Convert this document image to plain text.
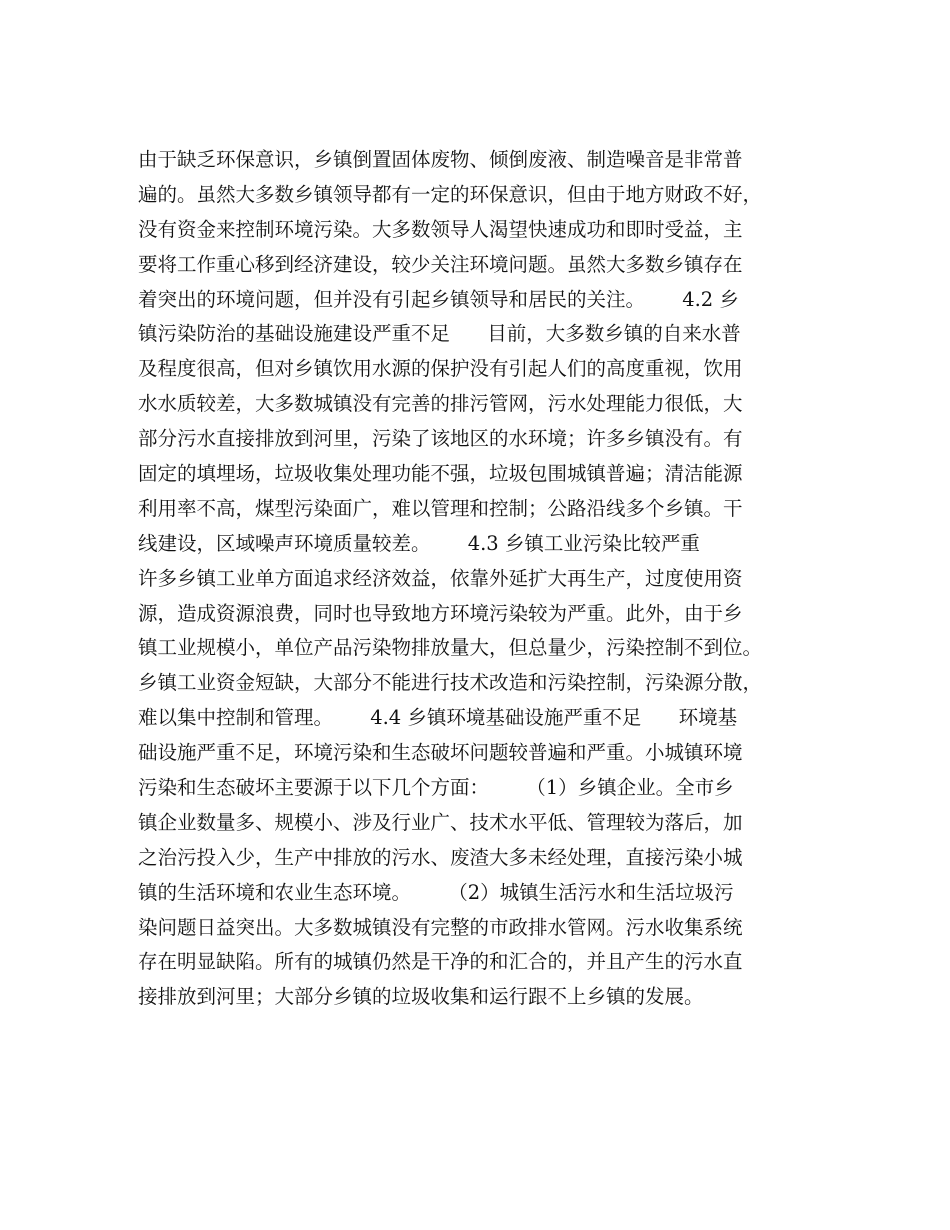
由于缺乏环保意识，乡镇倒置固体废物、倾倒废液、制造噪音是非常普
遍的。虽然大多数乡镇领导都有一定的环保意识，但由于地方财政不好，
没有资金来控制环境污染。大多数领导人渴望快速成功和即时受益，主
要将工作重心移到经济建设，较少关注环境问题。虽然大多数乡镇存在
着突出的环境问题，但并没有引起乡镇领导和居民的关注。      4.2 乡
镇污染防治的基础设施建设严重不足      目前，大多数乡镇的自来水普
及程度很高，但对乡镇饮用水源的保护没有引起人们的高度重视，饮用
水水质较差，大多数城镇没有完善的排污管网，污水处理能力很低，大
部分污水直接排放到河里，污染了该地区的水环境；许多乡镇没有。有
固定的填埋场，垃圾收集处理功能不强，垃圾包围城镇普遍；清洁能源
利用率不高，煤型污染面广，难以管理和控制；公路沿线多个乡镇。干
线建设，区域噪声环境质量较差。      4.3 乡镇工业污染比较严重
许多乡镇工业单方面追求经济效益，依靠外延扩大再生产，过度使用资
源，造成资源浪费，同时也导致地方环境污染较为严重。此外，由于乡
镇工业规模小，单位产品污染物排放量大，但总量少，污染控制不到位。
乡镇工业资金短缺，大部分不能进行技术改造和污染控制，污染源分散，
难以集中控制和管理。      4.4 乡镇环境基础设施严重不足      环境基
础设施严重不足，环境污染和生态破坏问题较普遍和严重。小城镇环境
污染和生态破坏主要源于以下几个方面：      （1）乡镇企业。全市乡
镇企业数量多、规模小、涉及行业广、技术水平低、管理较为落后，加
之治污投入少，生产中排放的污水、废渣大多未经处理，直接污染小城
镇的生活环境和农业生态环境。      （2）城镇生活污水和生活垃圾污
染问题日益突出。大多数城镇没有完整的市政排水管网。污水收集系统
存在明显缺陷。所有的城镇仍然是干净的和汇合的，并且产生的污水直
接排放到河里；大部分乡镇的垃圾收集和运行跟不上乡镇的发展。
